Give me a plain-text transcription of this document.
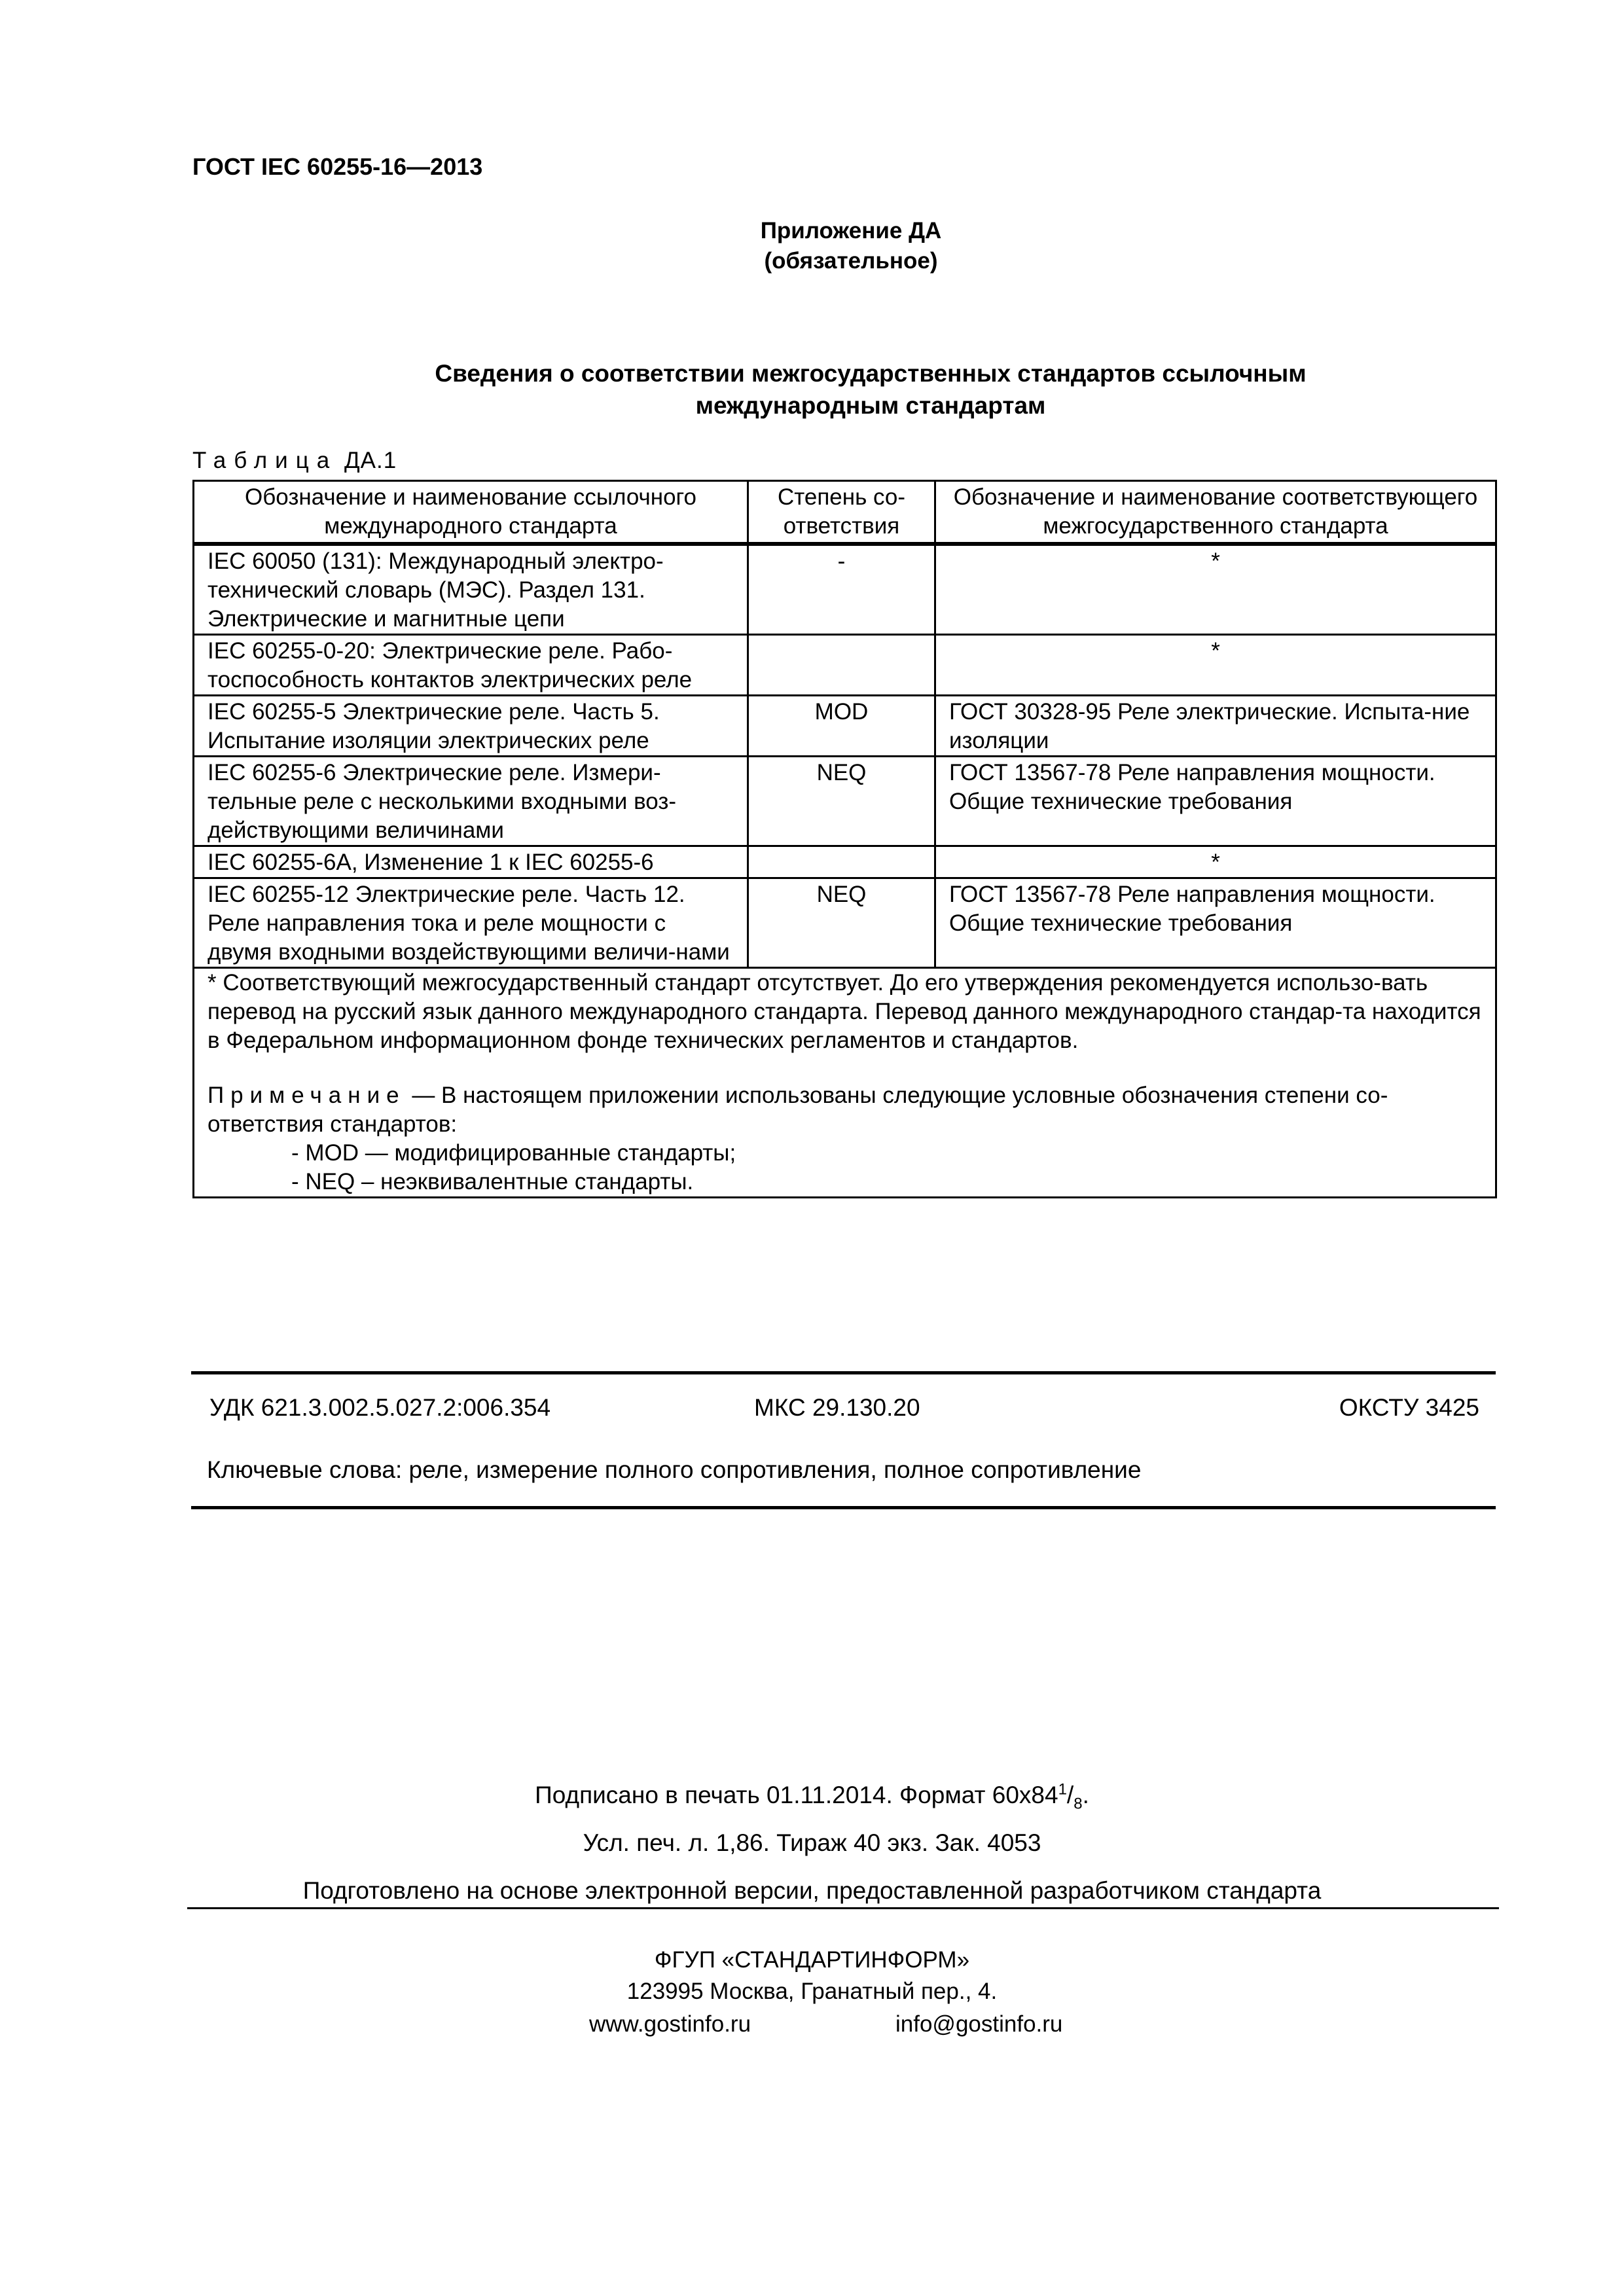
ГОСТ IEC 60255-16—2013
Приложение ДА
(обязательное)
Сведения о соответствии межгосударственных стандартов ссылочным
международным стандартам
Таблица ДА.1
Обозначение и наименование ссылочного международного стандарта	Степень со-ответствия	Обозначение и наименование соответствующего межгосударственного стандарта
IEC 60050 (131): Международный электро-технический словарь (МЭС). Раздел 131. Электрические и магнитные цепи	-	*
IEC 60255-0-20: Электрические реле. Рабо-тоспособность контактов электрических реле		*
IEC 60255-5 Электрические реле. Часть 5. Испытание изоляции электрических реле	MOD	ГОСТ 30328-95 Реле электрические. Испыта-ние изоляции
IEC 60255-6 Электрические реле. Измери-тельные реле с несколькими входными воз-действующими величинами	NEQ	ГОСТ 13567-78 Реле направления мощности. Общие технические требования
IEC 60255-6A, Изменение 1 к IEC 60255-6		*
IEC 60255-12 Электрические реле. Часть 12. Реле направления тока и реле мощности с двумя входными воздействующими величи-нами	NEQ	ГОСТ 13567-78 Реле направления мощности. Общие технические требования

* Соответствующий межгосударственный стандарт отсутствует. До его утверждения рекомендуется использо-вать перевод на русский язык данного международного стандарта. Перевод данного международного стандар-та находится в Федеральном информационном фонде технических регламентов и стандартов.
Примечание — В настоящем приложении использованы следующие условные обозначения степени со-ответствия стандартов:
- MOD — модифицированные стандарты;
- NEQ – неэквивалентные стандарты.		
УДК 621.3.002.5.027.2:006.354	МКС 29.130.20	ОКСТУ 3425
Ключевые слова: реле, измерение полного сопротивления, полное сопротивление
Подписано в печать 01.11.2014. Формат $60x84^1/_8$.
Усл. печ. л. 1,86. Тираж 40 экз. Зак. 4053
Подготовлено на основе электронной версии, предоставленной разработчиком стандарта
ФГУП «СТАНДАРТИНФОРМ»
123995 Москва, Гранатный пер., 4.
www.gostinfo.ru	info@gostinfo.ru
